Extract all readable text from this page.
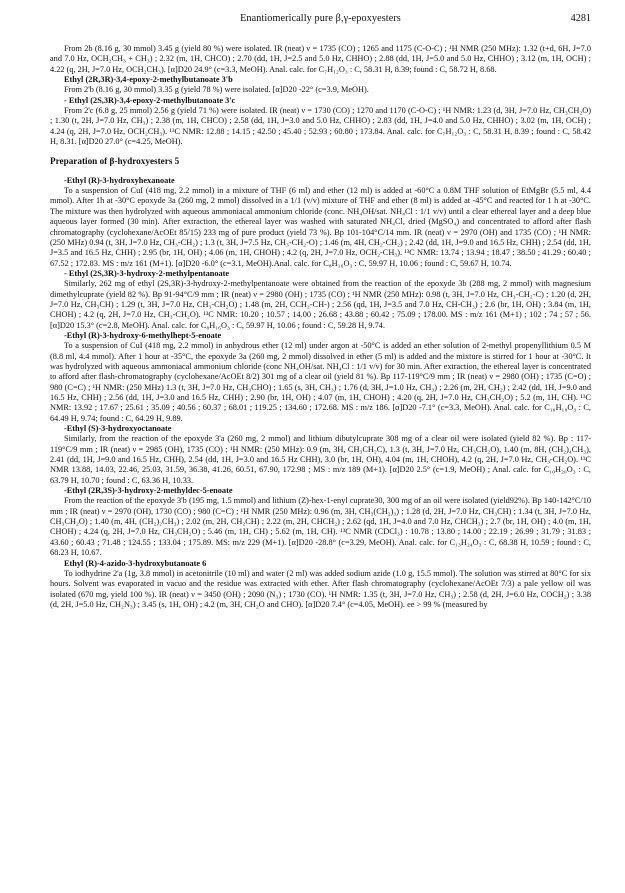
Enantiomerically pure β,γ-epoxyesters	4281

From 2b (8.16 g, 30 mmol) 3.45 g (yield 80 %) were isolated. IR (neat) ν = 1735 (CO) ; 1265 and 1175 (C-O-C) ; ¹H NMR (250 MHz): 1.32 (t+d, 6H, J=7.0 and 7.0 Hz, OCH₂CH₃ + CH₃) ; 2.32 (m, 1H, CHCO) ; 2.70 (dd, 1H, J=2.5 and 5.0 Hz, CHHO) ; 2.88 (dd, 1H, J=5.0 and 5.0 Hz, CHHO) ; 3.12 (m, 1H, OCH) ; 4.22 (q, 2H, J=7.0 Hz, OCH₂CH₃). [α]D20 24.9° (c=3.3, MeOH). Anal. calc. for C₇H₁₂O₃ : C, 58.31 H, 8.39; found : C, 58.72 H, 8.68.

Ethyl (2R,3R)-3,4-epoxy-2-methylbutanoate 3'b

From 2'b (8.16 g, 30 mmol) 3.35 g (yield 78 %) were isolated. [α]D20 -22° (c=3.9, MeOH).

- Ethyl (2S,3R)-3,4-epoxy-2-methylbutanoate 3'c

From 2'c (6.8 g, 25 mmol) 2.56 g (yield 71 %) were isolated. IR (neat) ν = 1730 (CO) ; 1270 and 1170 (C-O-C) ; ¹H NMR: 1.23 (d, 3H, J=7.0 Hz, CH₃CH₂O) ; 1.30 (t, 2H, J=7.0 Hz, CH₃) ; 2.38 (m, 1H, CHCO) ; 2.58 (dd, 1H, J=3.0 and 5.0 Hz, CHHO) ; 2.83 (dd, 1H, J=4.0 and 5.0 Hz, CHHO) ; 3.02 (m, 1H, OCH) ; 4.24 (q, 2H, J=7.0 Hz, OCH₂CH₃). ¹³C NMR: 12.88 ; 14.15 ; 42.50 ; 45.40 ; 52.93 ; 60.80 ; 173.84. Anal. calc. for C₇H₁₂O₃ : C, 58.31 H, 8.39 ; found : C, 58.42 H, 8.31. [α]D20 27.0° (c=4.25, MeOH).

Preparation of β-hydroxyesters 5

-Ethyl (R)-3-hydroxyhexanoate

To a suspension of CuI (418 mg, 2.2 mmol) in a mixture of THF (6 ml) and ether (12 ml) is added at -60°C a 0.8M THF solution of EtMgBr (5.5 ml, 4.4 mmol). After 1h at -30°C epoxyde 3a (260 mg, 2 mmol) dissolved in a 1/1 (v/v) mixture of THF and ether (8 ml) is added at -45°C and reacted for 1 h at -30°C. The mixture was then hydrolyzed with aqueous ammoniacal ammonium chloride (conc. NH₄OH/sat. NH₄Cl : 1/1 v/v) until a clear ethereal layer and a deep blue aqueous layer formed (30 min). After extraction, the ethereal layer was washed with saturated NH₄Cl, dried (MgSO₄) and concentrated to afford after flash chromatography (cyclohexane/AcOEt 85/15) 233 mg of pure product (yield 73 %). Bp 101-104°C/14 mm. IR (neat) ν = 2970 (OH) and 1735 (CO) ; ¹H NMR: (250 MHz) 0.94 (t, 3H, J=7.0 Hz, CH₃-CH₂) ; 1.3 (t, 3H, J=7.5 Hz, CH₃-CH₂-O) ; 1.46 (m, 4H, CH₂-CH₂) ; 2.42 (dd, 1H, J=9.0 and 16.5 Hz, CHH) ; 2.54 (dd, 1H, J=3.5 and 16.5 Hz, CHH) ; 2.95 (br, 1H, OH) ; 4.06 (m, 1H, CHOH) ; 4.2 (q, 2H, J=7.0 Hz, OCH₂-CH₃). ¹³C NMR: 13.74 ; 13.94 ; 18.47 ; 38.50 ; 41.29 ; 60.40 ; 67.52 ; 172.83. MS : m/z 161 (M+1). [α]D20 -6.0° (c=3.1, MeOH).Anal. calc. for C₈H₁₆O₃ : C, 59.97 H, 10.06 ; found : C, 59.67 H, 10.74.

- Ethyl (2S,3R)-3-hydroxy-2-methylpentanoate

Similarly, 262 mg of ethyl (2S,3R)-3-hydroxy-2-methylpentanoate were obtained from the reaction of the epoxyde 3b (288 mg, 2 mmol) with magnesium dimethylcuprate (yield 82 %). Bp 91-94°C/9 mm ; IR (neat) ν = 2980 (OH) ; 1735 (CO) ; ¹H NMR (250 MHz): 0.98 (t, 3H, J=7.0 Hz, CH₃-CH₂-C) ; 1.20 (d, 2H, J=7.0 Hz, CH₃CH) ; 1.29 (t, 3H, J=7.0 Hz, CH₃-CH₂O) ; 1.48 (m, 2H, CCH₂-CH-) ; 2.56 (qd, 1H, J=3.5 and 7.0 Hz, CH-CH₃) ; 2.6 (br, 1H, OH) ; 3.84 (m, 1H, CHOH) ; 4.2 (q, 2H, J=7.0 Hz, CH₃-CH₂O). ¹³C NMR: 10.20 ; 10.57 ; 14.00 ; 26.68 ; 43.88 ; 60.42 ; 75.09 ; 178.00. MS : m/z 161 (M+1) ; 102 ; 74 ; 57 ; 56. [α]D20 15.3° (c=2.8, MeOH). Anal. calc. for C₈H₁₆O₃ : C, 59.97 H, 10.06 ; found : C, 59.28 H, 9.74.

-Ethyl (R)-3-hydroxy-6-methylhept-5-enoate

To a suspension of CuI (418 mg, 2.2 mmol) in anhydrous ether (12 ml) under argon at -50°C is added an ether solution of 2-methyl propenyllithium 0.5 M (8.8 ml, 4.4 mmol). After 1 hour at -35°C, the epoxyde 3a (260 mg, 2 mmol) dissolved in ether (5 ml) is added and the mixture is stirred for 1 hour at -30°C. It was hydrolyzed with aqueous ammoniacal ammonium chloride (conc NH₄OH/sat. NH₄Cl : 1/1 v/v) for 30 min. After extraction, the ethereal layer is concentrated to afford after flash-chromatography (cyclohexane/AcOEt 8/2) 301 mg of a clear oil (yield 81 %). Bp 117-119°C/9 mm ; IR (neat) ν = 2980 (OH) ; 1735 (C=O) ; 980 (C=C) ; ¹H NMR: (250 MHz) 1.3 (t, 3H, J=7.0 Hz, CH₃CHO) ; 1.65 (s, 3H, CH₃) ; 1.76 (d, 3H, J=1.0 Hz, CH₃) ; 2.26 (m, 2H, CH₂) ; 2.42 (dd, 1H, J=9.0 and 16.5 Hz, CHH) ; 2.56 (dd, 1H, J=3.0 and 16.5 Hz, CHH) ; 2.90 (br, 1H, OH) ; 4.07 (m, 1H, CHOH) ; 4.20 (q, 2H, J=7.0 Hz, CH₃CH₂O) ; 5.2 (m, 1H, CH). ¹³C NMR: 13.92 ; 17.67 ; 25.61 ; 35.09 ; 40.56 ; 60.37 ; 68.01 ; 119.25 ; 134.60 ; 172.68. MS : m/z 186. [α]D20 -7.1° (c=3.3, MeOH). Anal. calc. for C₁₀H₁₈O₃ : C, 64.49 H, 9.74; found : C, 64.29 H, 9.89.

-Ethyl (S)-3-hydroxyoctanoate

Similarly, from the reaction of the epoxyde 3'a (260 mg, 2 mmol) and lithium dibutylcuprate 308 mg of a clear oil were isolated (yield 82 %). Bp : 117-119°C/9 mm ; IR (neat) ν = 2985 (OH), 1735 (CO) ; ¹H NMR: (250 MHz): 0.9 (m, 3H, CH₃CH₂C), 1.3 (t, 3H, J=7.0 Hz, CH₃CH₂O), 1.40 (m, 8H, (CH₂)₄CH₃), 2.41 (dd, 1H, J=9.0 and 16.5 Hz, CHH), 2.54 (dd, 1H, J=3.0 and 16.5 Hz CHH), 3.0 (br, 1H, OH), 4.04 (m, 1H, CHOH), 4.2 (q, 2H, J=7.0 Hz, CH₃-CH₂O). ¹³C NMR 13.88, 14.03, 22.46, 25.03, 31.59, 36.38, 41.26, 60.51, 67.90, 172.98 ; MS : m/z 189 (M+1). [α]D20 2.5° (c=1.9, MeOH) ; Anal. calc. for C₁₀H₂₀O₃ : C, 63.79 H, 10.70 ; found : C, 63.36 H, 10.33.

-Ethyl (2R,3S)-3-hydroxy-2-methyldec-5-enoate

From the reaction of the epoxyde 3'b (195 mg, 1.5 mmol) and lithium (Z)-hex-1-enyl cuprate30, 300 mg of an oil were isolated (yield92%). Bp 140-142°C/10 mm ; IR (neat) ν = 2970 (OH), 1730 (CO) ; 980 (C=C) ; ¹H NMR (250 MHz): 0.96 (m, 3H, CH₃(CH₂)₃) ; 1.28 (d, 2H, J=7.0 Hz, CH₃CH) ; 1.34 (t, 3H, J=7.0 Hz, CH₃CH₂O) ; 1.40 (m, 4H, (CH₂)₂CH₃) ; 2.02 (m, 2H, CH₂CH) ; 2.22 (m, 2H, CHCH₂) ; 2.62 (qd, 1H, J=4.0 and 7.0 Hz, CHCH₃) ; 2.7 (br, 1H, OH) ; 4.0 (m, 1H, CHOH) ; 4.24 (q, 2H, J=7.0 Hz, CH₃CH₂O) ; 5.46 (m, 1H, CH) ; 5.62 (m, 1H, CH). ¹³C NMR (CDCl₃) : 10.78 ; 13.80 ; 14.00 ; 22.19 ; 26.99 ; 31.79 ; 31.83 ; 43.60 ; 60.43 ; 71.48 ; 124.55 ; 133.04 ; 175.89. MS: m/z 229 (M+1). [α]D20 -28.8° (c=3.29, MeOH). Anal. calc. for C₁₃H₂₄O₃ : C, 68.38 H, 10.59 ; found : C, 68.23 H, 10.67.

Ethyl (R)-4-azido-3-hydroxybutanoate 6

To iodhydrine 2'a (1g, 3.8 mmol) in acetonitrile (10 ml) and water (2 ml) was added sodium azide (1.0 g, 15.5 mmol). The solution was stirred at 80°C for six hours. Solvent was evaporated in vacuo and the residue was extracted with ether. After flash chromatography (cyclohexane/AcOEt 7/3) a pale yellow oil was isolated (670 mg, yield 100 %). IR (neat) ν = 3450 (OH) ; 2090 (N₃) ; 1730 (CO). ¹H NMR: 1.35 (t, 3H, J=7.0 Hz, CH₃) ; 2.58 (d, 2H, J=6.0 Hz, COCH₂) ; 3.38 (d, 2H, J=5.0 Hz, CH₂N₃) ; 3.45 (s, 1H, OH) ; 4.2 (m, 3H, CH₂O and CHO). [α]D20 7.4° (c=4.05, MeOH). ee > 99 % (measured by
